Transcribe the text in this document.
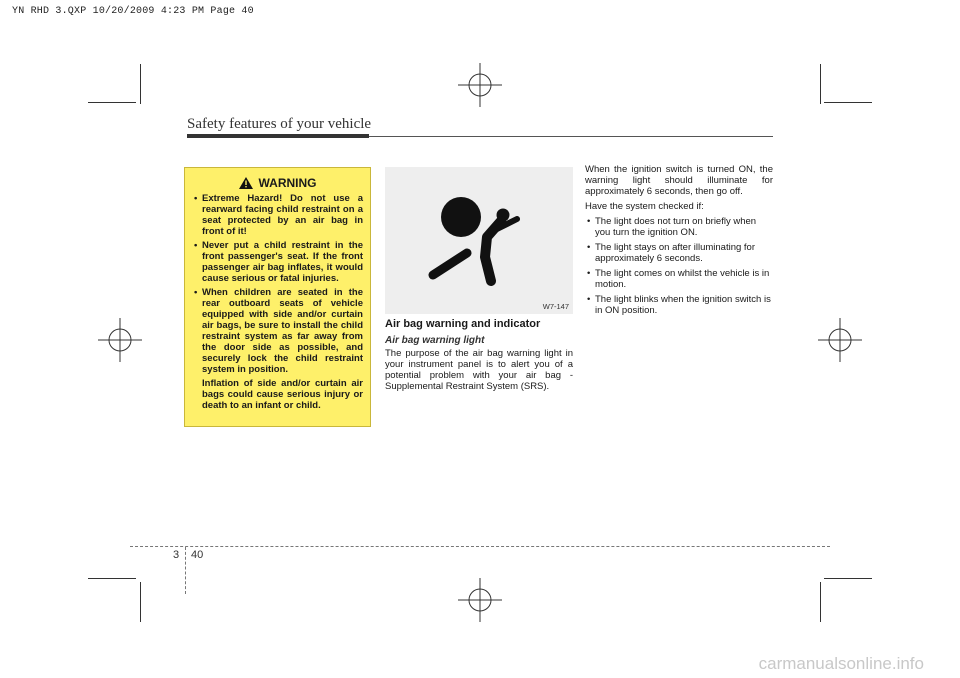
YN RHD 3.QXP 10/20/2009 4:23 PM Page 40
Safety features of your vehicle
WARNING
• Extreme Hazard! Do not use a rearward facing child restraint on a seat protected by an air bag in front of it!
• Never put a child restraint in the front passenger's seat. If the front passenger air bag inflates, it would cause serious or fatal injuries.
• When children are seated in the rear outboard seats of vehicle equipped with side and/or curtain air bags, be sure to install the child restraint system as far away from the door side as possible, and securely lock the child restraint system in position.

Inflation of side and/or curtain air bags could cause serious injury or death to an infant or child.

W7-147
Air bag warning and indicator
Air bag warning light

The purpose of the air bag warning light in your instrument panel is to alert you of a potential problem with your air bag - Supplemental Restraint System (SRS).

When the ignition switch is turned ON, the warning light should illuminate for approximately 6 seconds, then go off.

Have the system checked if:

• The light does not turn on briefly when you turn the ignition ON.
• The light stays on after illuminating for approximately 6 seconds.
• The light comes on whilst the vehicle is in motion.
• The light blinks when the ignition switch is in ON position.
3 40
carmanualsonline.info
